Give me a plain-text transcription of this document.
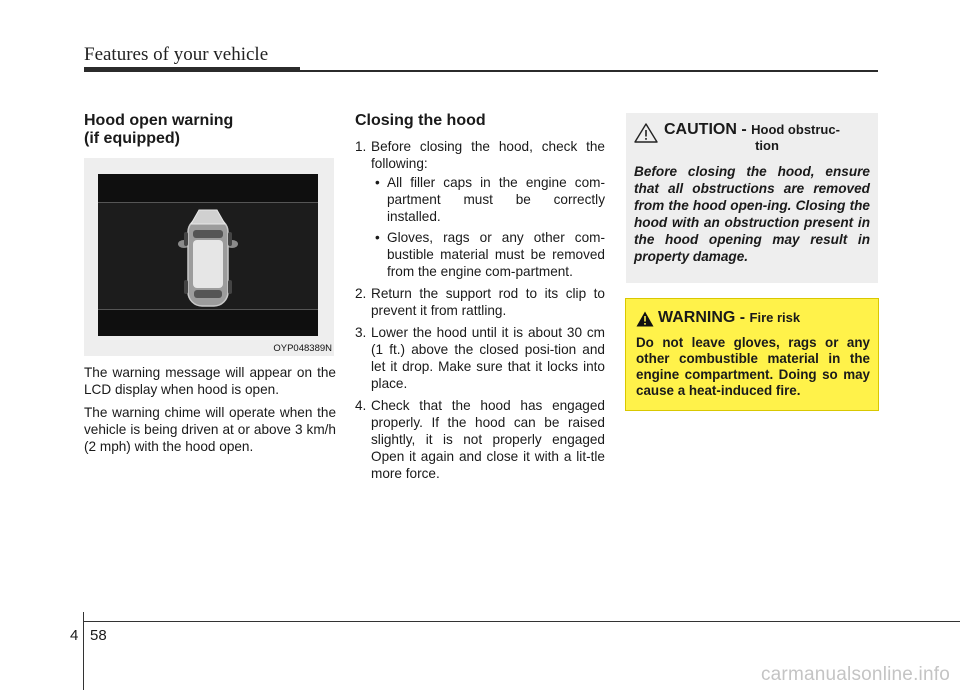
Features of your vehicle
Hood open warning
(if equipped)
OYP048389N

The warning message will appear on the LCD display when hood is open.

The warning chime will operate when the vehicle is being driven at or above 3 km/h (2 mph) with the hood open.

Closing the hood
1. Before closing the hood, check the following:
• All filler caps in the engine com-partment must be correctly installed.
• Gloves, rags or any other com-bustible material must be removed from the engine com-partment.
2. Return the support rod to its clip to prevent it from rattling.
3. Lower the hood until it is about 30 cm (1 ft.) above the closed posi-tion and let it drop. Make sure that it locks into place.
4. Check that the hood has engaged properly. If the hood can be raised slightly, it is not properly engaged Open it again and close it with a lit-tle more force.
CAUTION - Hood obstruc-
tion
Before closing the hood, ensure that all obstructions are removed from the hood open-ing. Closing the hood with an obstruction present in the hood opening may result in property damage.
WARNING - Fire risk
Do not leave gloves, rags or any other combustible material in the engine compartment. Doing so may cause a heat-induced fire.
4 58
carmanualsonline.info
